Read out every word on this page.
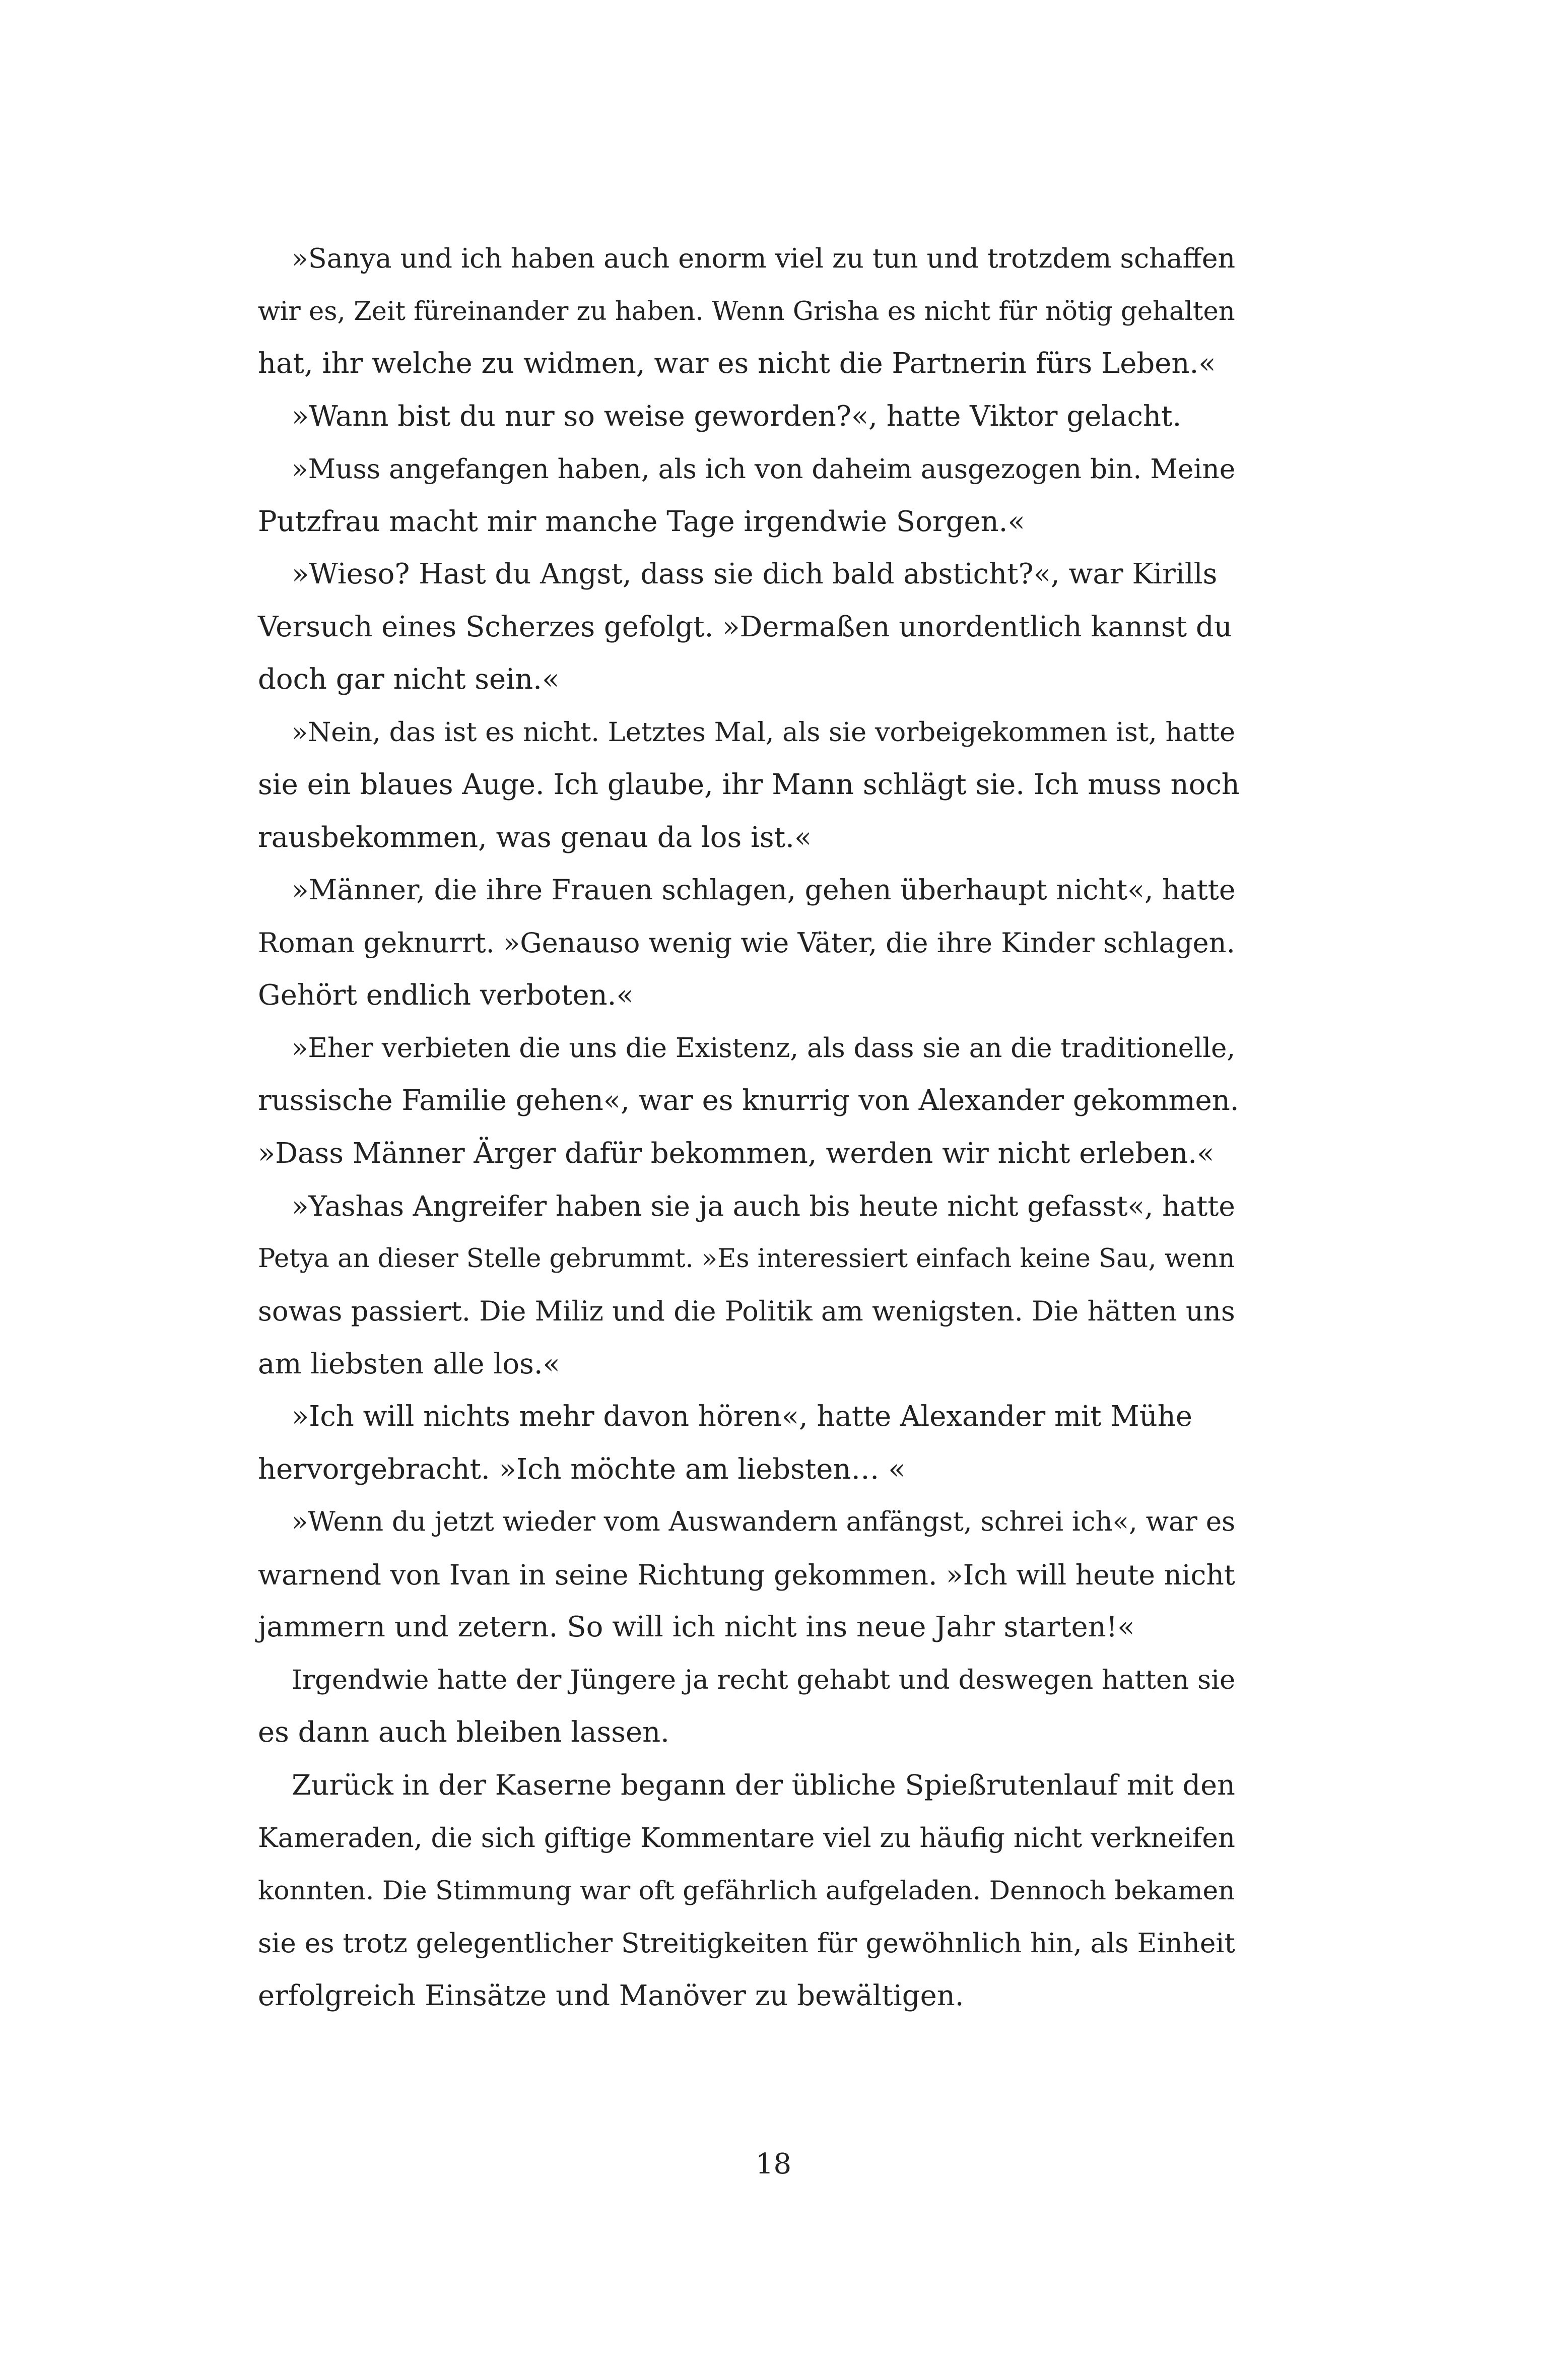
»Sanya und ich haben auch enorm viel zu tun und trotzdem schaffen
wir es, Zeit füreinander zu haben. Wenn Grisha es nicht für nötig gehalten
hat, ihr welche zu widmen, war es nicht die Partnerin fürs Leben.«
»Wann bist du nur so weise geworden?«, hatte Viktor gelacht.
»Muss angefangen haben, als ich von daheim ausgezogen bin. Meine
Putzfrau macht mir manche Tage irgendwie Sorgen.«
»Wieso? Hast du Angst, dass sie dich bald absticht?«, war Kirills
Versuch eines Scherzes gefolgt. »Dermaßen unordentlich kannst du
doch gar nicht sein.«
»Nein, das ist es nicht. Letztes Mal, als sie vorbeigekommen ist, hatte
sie ein blaues Auge. Ich glaube, ihr Mann schlägt sie. Ich muss noch
rausbekommen, was genau da los ist.«
»Männer, die ihre Frauen schlagen, gehen überhaupt nicht«, hatte
Roman geknurrt. »Genauso wenig wie Väter, die ihre Kinder schlagen.
Gehört endlich verboten.«
»Eher verbieten die uns die Existenz, als dass sie an die traditionelle,
russische Familie gehen«, war es knurrig von Alexander gekommen.
»Dass Männer Ärger dafür bekommen, werden wir nicht erleben.«
»Yashas Angreifer haben sie ja auch bis heute nicht gefasst«, hatte
Petya an dieser Stelle gebrummt. »Es interessiert einfach keine Sau, wenn
sowas passiert. Die Miliz und die Politik am wenigsten. Die hätten uns
am liebsten alle los.«
»Ich will nichts mehr davon hören«, hatte Alexander mit Mühe
hervorgebracht. »Ich möchte am liebsten… «
»Wenn du jetzt wieder vom Auswandern anfängst, schrei ich«, war es
warnend von Ivan in seine Richtung gekommen. »Ich will heute nicht
jammern und zetern. So will ich nicht ins neue Jahr starten!«
Irgendwie hatte der Jüngere ja recht gehabt und deswegen hatten sie
es dann auch bleiben lassen.
Zurück in der Kaserne begann der übliche Spießrutenlauf mit den
Kameraden, die sich giftige Kommentare viel zu häufig nicht verkneifen
konnten. Die Stimmung war oft gefährlich aufgeladen. Dennoch bekamen
sie es trotz gelegentlicher Streitigkeiten für gewöhnlich hin, als Einheit
erfolgreich Einsätze und Manöver zu bewältigen.
18
